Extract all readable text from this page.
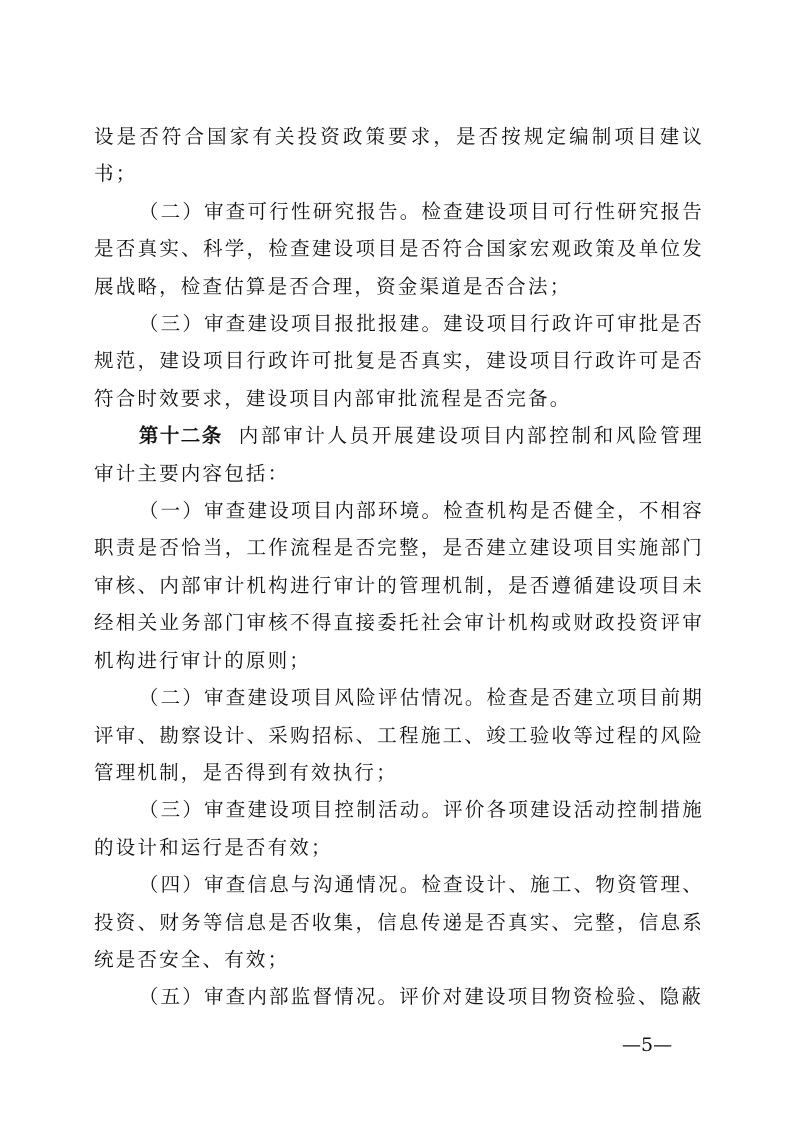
设是否符合国家有关投资政策要求，是否按规定编制项目建议书；

（二）审查可行性研究报告。检查建设项目可行性研究报告是否真实、科学，检查建设项目是否符合国家宏观政策及单位发展战略，检查估算是否合理，资金渠道是否合法；

（三）审查建设项目报批报建。建设项目行政许可审批是否规范，建设项目行政许可批复是否真实，建设项目行政许可是否符合时效要求，建设项目内部审批流程是否完备。

第十二条 内部审计人员开展建设项目内部控制和风险管理审计主要内容包括：

（一）审查建设项目内部环境。检查机构是否健全，不相容职责是否恰当，工作流程是否完整，是否建立建设项目实施部门审核、内部审计机构进行审计的管理机制，是否遵循建设项目未经相关业务部门审核不得直接委托社会审计机构或财政投资评审机构进行审计的原则；

（二）审查建设项目风险评估情况。检查是否建立项目前期评审、勘察设计、采购招标、工程施工、竣工验收等过程的风险管理机制，是否得到有效执行；

（三）审查建设项目控制活动。评价各项建设活动控制措施的设计和运行是否有效；

（四）审查信息与沟通情况。检查设计、施工、物资管理、投资、财务等信息是否收集，信息传递是否真实、完整，信息系统是否安全、有效；

（五）审查内部监督情况。评价对建设项目物资检验、隐蔽

—5—
